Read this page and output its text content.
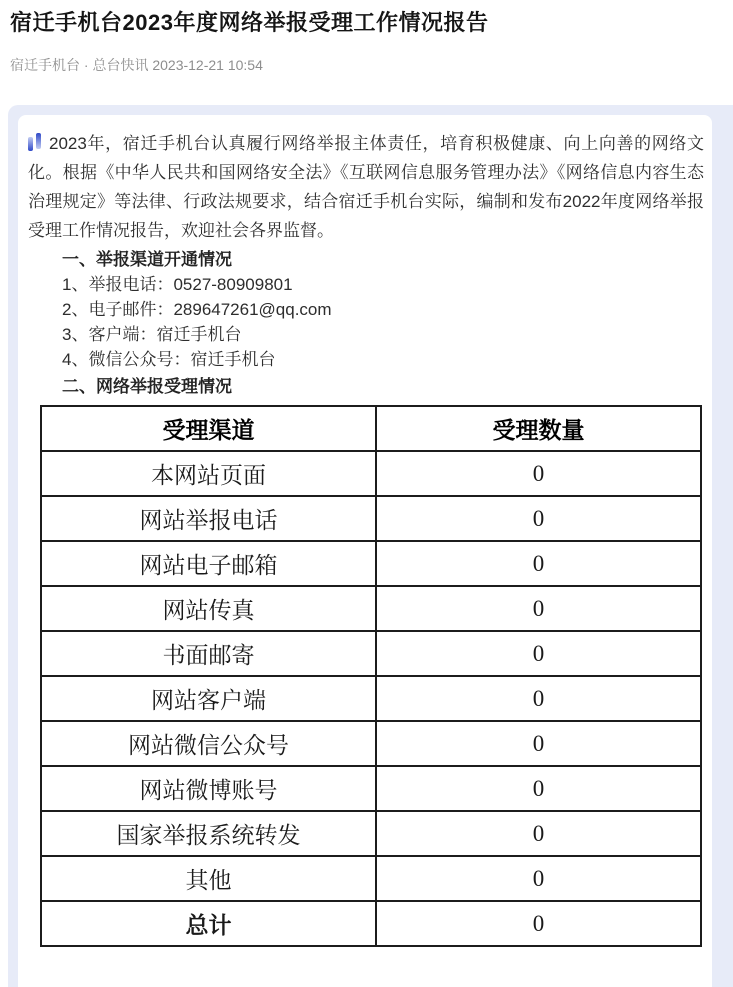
宿迁手机台2023年度网络举报受理工作情况报告
宿迁手机台 · 总台快讯 2023-12-21 10:54

2023年，宿迁手机台认真履行网络举报主体责任，培育积极健康、向上向善的网络文化。根据《中华人民共和国网络安全法》《互联网信息服务管理办法》《网络信息内容生态治理规定》等法律、行政法规要求，结合宿迁手机台实际，编制和发布2022年度网络举报受理工作情况报告，欢迎社会各界监督。

一、举报渠道开通情况
1、举报电话：0527-80909801
2、电子邮件：289647261@qq.com
3、客户端：宿迁手机台
4、微信公众号：宿迁手机台
二、网络举报受理情况
受理渠道	受理数量
本网站页面	0
网站举报电话	0
网站电子邮箱	0
网站传真	0
书面邮寄	0
网站客户端	0
网站微信公众号	0
网站微博账号	0
国家举报系统转发	0
其他	0
总计	0
